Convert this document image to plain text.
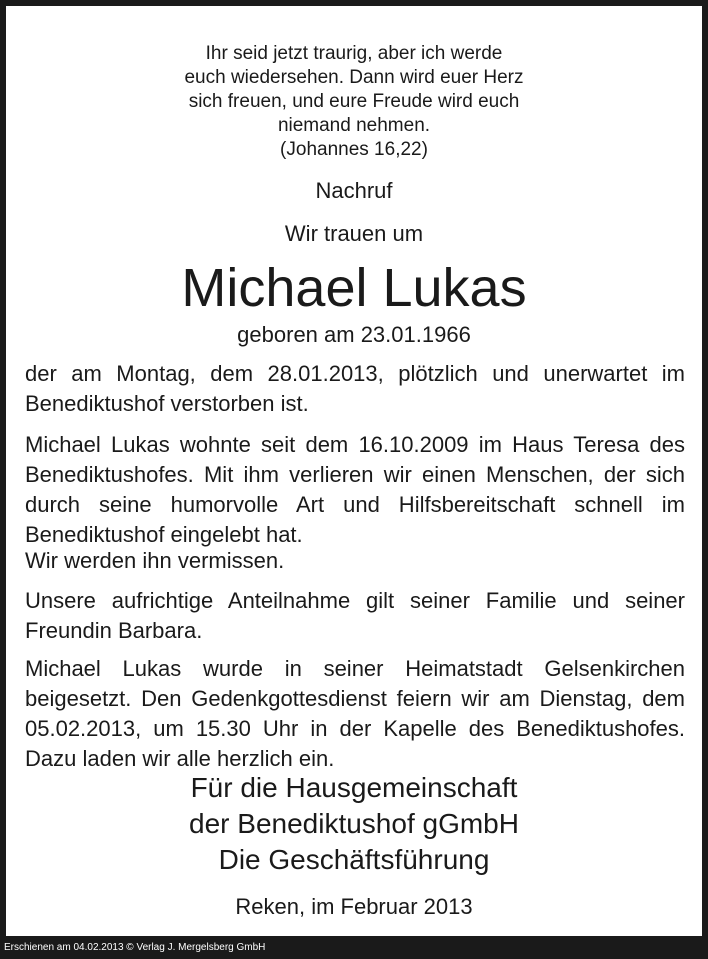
Ihr seid jetzt traurig, aber ich werde
euch wiedersehen. Dann wird euer Herz
sich freuen, und eure Freude wird euch
niemand nehmen.
(Johannes 16,22)
Nachruf
Wir trauen um
Michael Lukas
geboren am 23.01.1966
der am Montag, dem 28.01.2013, plötzlich und unerwartet im Benediktushof verstorben ist.
Michael Lukas wohnte seit dem 16.10.2009 im Haus Teresa des Benediktushofes. Mit ihm verlieren wir einen Menschen, der sich durch seine humorvolle Art und Hilfsbereitschaft schnell im Benediktushof eingelebt hat.
Wir werden ihn vermissen.
Unsere aufrichtige Anteilnahme gilt seiner Familie und seiner Freundin Barbara.
Michael Lukas wurde in seiner Heimatstadt Gelsenkirchen beigesetzt. Den Gedenkgottesdienst feiern wir am Dienstag, dem 05.02.2013, um 15.30 Uhr in der Kapelle des Benediktushofes. Dazu laden wir alle herzlich ein.
Für die Hausgemeinschaft
der Benediktushof gGmbH
Die Geschäftsführung
Reken, im Februar 2013
Erschienen am 04.02.2013 © Verlag J. Mergelsberg GmbH
